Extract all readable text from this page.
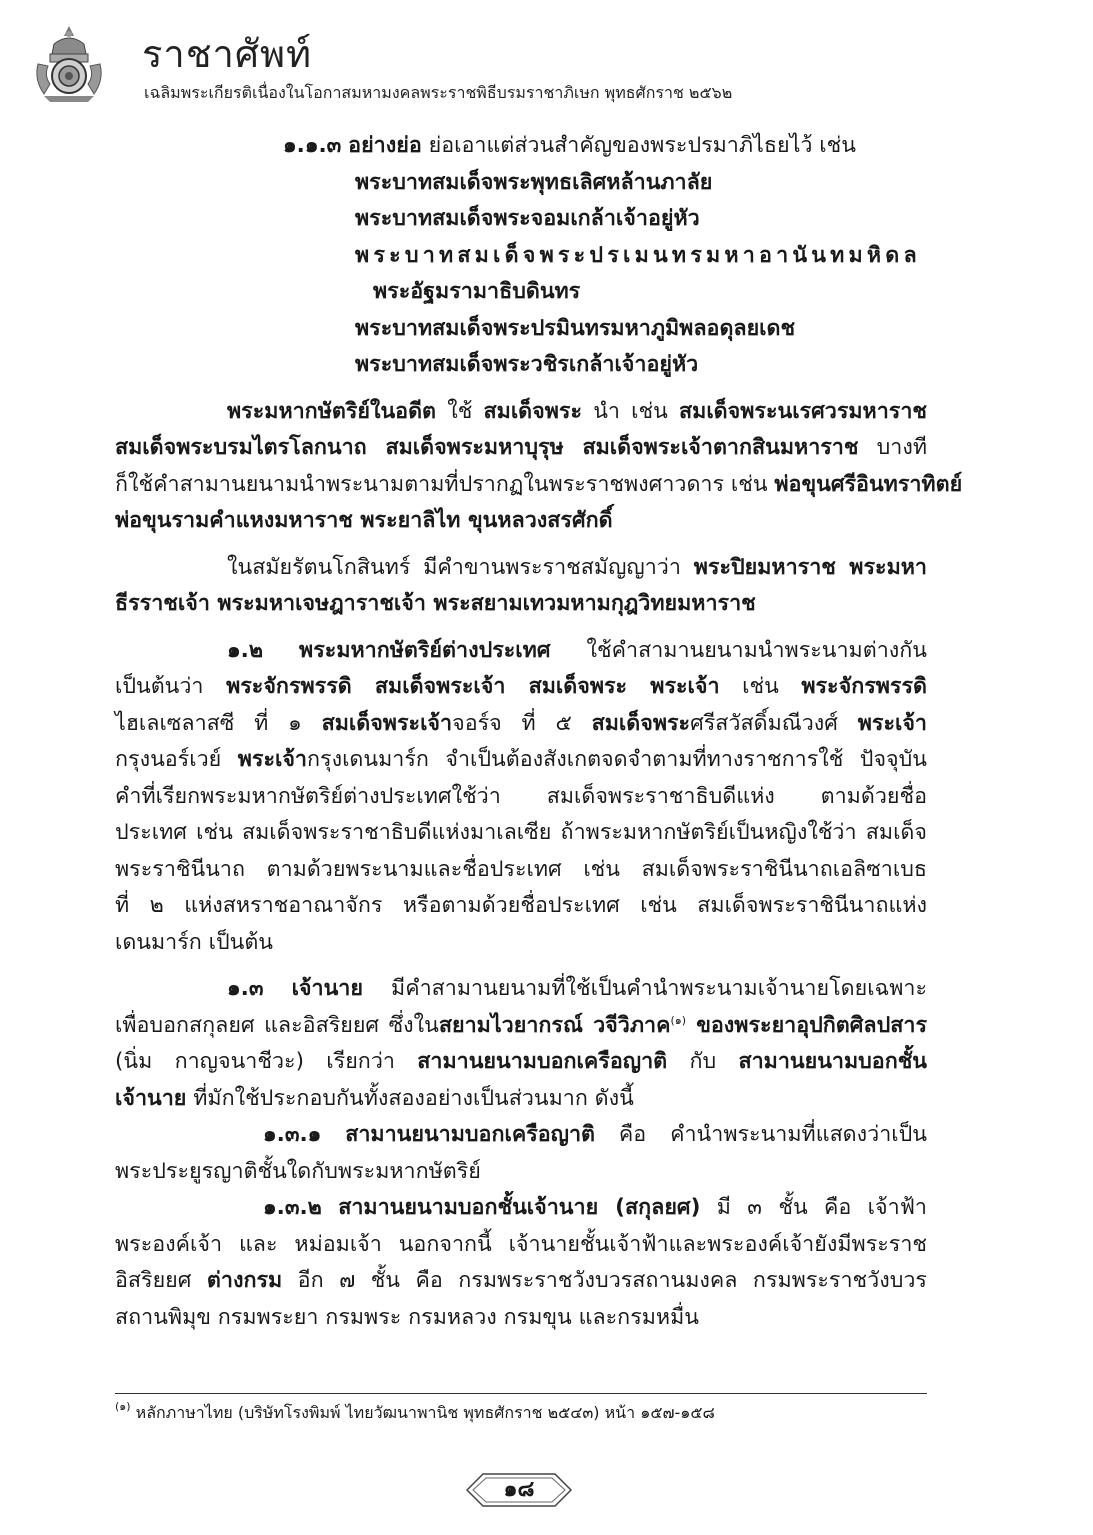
ราชาศัพท์
เฉลิมพระเกียรติเนื่องในโอกาสมหามงคลพระราชพิธีบรมราชาภิเษก พุทธศักราช ๒๕๖๒
๑.๑.๓ อย่างย่อ ย่อเอาแต่ส่วนสำคัญของพระปรมาภิไธยไว้ เช่น
พระบาทสมเด็จพระพุทธเลิศหล้านภาลัย
พระบาทสมเด็จพระจอมเกล้าเจ้าอยู่หัว
พระบาทสมเด็จพระปรเมนทรมหาอานันทมหิดล
พระอัฐมรามาธิบดินทร
พระบาทสมเด็จพระปรมินทรมหาภูมิพลอดุลยเดช
พระบาทสมเด็จพระวชิรเกล้าเจ้าอยู่หัว
พระมหากษัตริย์ในอดีต ใช้ สมเด็จพระ นำ เช่น สมเด็จพระนเรศวรมหาราช
สมเด็จพระบรมไตรโลกนาถ สมเด็จพระมหาบุรุษ สมเด็จพระเจ้าตากสินมหาราช บางที
ก็ใช้คำสามานยนามนำพระนามตามที่ปรากฏในพระราชพงศาวดาร เช่น พ่อขุนศรีอินทราทิตย์
พ่อขุนรามคำแหงมหาราช พระยาลิไท ขุนหลวงสรศักดิ์
ในสมัยรัตนโกสินทร์ มีคำขานพระราชสมัญญาว่า พระปิยมหาราช พระมหา
ธีรราชเจ้า พระมหาเจษฎาราชเจ้า พระสยามเทวมหามกุฎวิทยมหาราช
๑.๒ พระมหากษัตริย์ต่างประเทศ ใช้คำสามานยนามนำพระนามต่างกัน
เป็นต้นว่า พระจักรพรรดิ สมเด็จพระเจ้า สมเด็จพระ พระเจ้า เช่น พระจักรพรรดิ
ไฮเลเซลาสซี ที่ ๑ สมเด็จพระเจ้าจอร์จ ที่ ๕ สมเด็จพระศรีสวัสดิ์มณีวงศ์ พระเจ้า
กรุงนอร์เวย์ พระเจ้ากรุงเดนมาร์ก จำเป็นต้องสังเกตจดจำตามที่ทางราชการใช้ ปัจจุบัน
คำที่เรียกพระมหากษัตริย์ต่างประเทศใช้ว่า สมเด็จพระราชาธิบดีแห่ง ตามด้วยชื่อ
ประเทศ เช่น สมเด็จพระราชาธิบดีแห่งมาเลเซีย ถ้าพระมหากษัตริย์เป็นหญิงใช้ว่า สมเด็จ
พระราชินีนาถ ตามด้วยพระนามและชื่อประเทศ เช่น สมเด็จพระราชินีนาถเอลิซาเบธ
ที่ ๒ แห่งสหราชอาณาจักร หรือตามด้วยชื่อประเทศ เช่น สมเด็จพระราชินีนาถแห่ง
เดนมาร์ก เป็นต้น
๑.๓ เจ้านาย มีคำสามานยนามที่ใช้เป็นคำนำพระนามเจ้านายโดยเฉพาะ
เพื่อบอกสกุลยศ และอิสริยยศ ซึ่งในสยามไวยากรณ์ วจีวิภาค$^{(๑)}$ ของพระยาอุปกิตศิลปสาร
(นิ่ม กาญจนาชีวะ) เรียกว่า สามานยนามบอกเครือญาติ กับ สามานยนามบอกชั้น
เจ้านาย ที่มักใช้ประกอบกันทั้งสองอย่างเป็นส่วนมาก ดังนี้
๑.๓.๑ สามานยนามบอกเครือญาติ คือ คำนำพระนามที่แสดงว่าเป็น
พระประยูรญาติชั้นใดกับพระมหากษัตริย์
๑.๓.๒ สามานยนามบอกชั้นเจ้านาย (สกุลยศ) มี ๓ ชั้น คือ เจ้าฟ้า
พระองค์เจ้า และ หม่อมเจ้า นอกจากนี้ เจ้านายชั้นเจ้าฟ้าและพระองค์เจ้ายังมีพระราช
อิสริยยศ ต่างกรม อีก ๗ ชั้น คือ กรมพระราชวังบวรสถานมงคล กรมพระราชวังบวร
สถานพิมุข กรมพระยา กรมพระ กรมหลวง กรมขุน และกรมหมื่น
$^{(๑)}$ หลักภาษาไทย (บริษัทโรงพิมพ์ ไทยวัฒนาพานิช พุทธศักราช ๒๕๔๓) หน้า ๑๕๗-๑๕๘
๑๘
